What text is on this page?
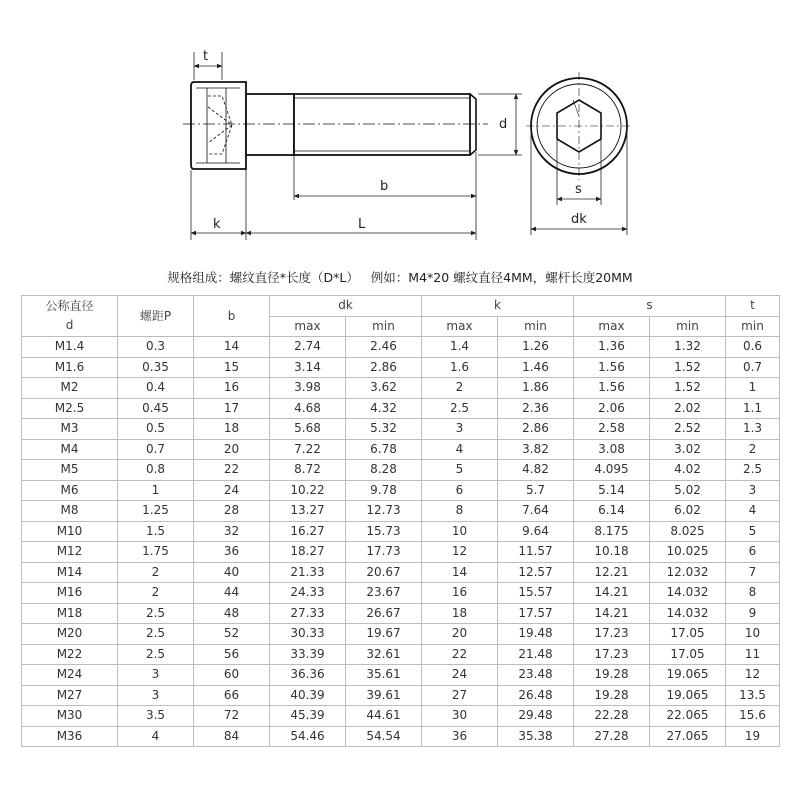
t
b
k	L
d
s
dk
规格组成：螺纹直径*长度（D*L）   例如：M4*20 螺纹直径4MM，螺杆长度20MM
公称直径
d	螺距P	b	dk		k		s		t
			max	min	max	min	max	min	min
M1.4	0.3	14	2.74	2.46	1.4	1.26	1.36	1.32	0.6
M1.6	0.35	15	3.14	2.86	1.6	1.46	1.56	1.52	0.7
M2	0.4	16	3.98	3.62	2	1.86	1.56	1.52	1
M2.5	0.45	17	4.68	4.32	2.5	2.36	2.06	2.02	1.1
M3	0.5	18	5.68	5.32	3	2.86	2.58	2.52	1.3
M4	0.7	20	7.22	6.78	4	3.82	3.08	3.02	2
M5	0.8	22	8.72	8.28	5	4.82	4.095	4.02	2.5
M6	1	24	10.22	9.78	6	5.7	5.14	5.02	3
M8	1.25	28	13.27	12.73	8	7.64	6.14	6.02	4
M10	1.5	32	16.27	15.73	10	9.64	8.175	8.025	5
M12	1.75	36	18.27	17.73	12	11.57	10.18	10.025	6
M14	2	40	21.33	20.67	14	12.57	12.21	12.032	7
M16	2	44	24.33	23.67	16	15.57	14.21	14.032	8
M18	2.5	48	27.33	26.67	18	17.57	14.21	14.032	9
M20	2.5	52	30.33	19.67	20	19.48	17.23	17.05	10
M22	2.5	56	33.39	32.61	22	21.48	17.23	17.05	11
M24	3	60	36.36	35.61	24	23.48	19.28	19.065	12
M27	3	66	40.39	39.61	27	26.48	19.28	19.065	13.5
M30	3.5	72	45.39	44.61	30	29.48	22.28	22.065	15.6
M36	4	84	54.46	54.54	36	35.38	27.28	27.065	19
